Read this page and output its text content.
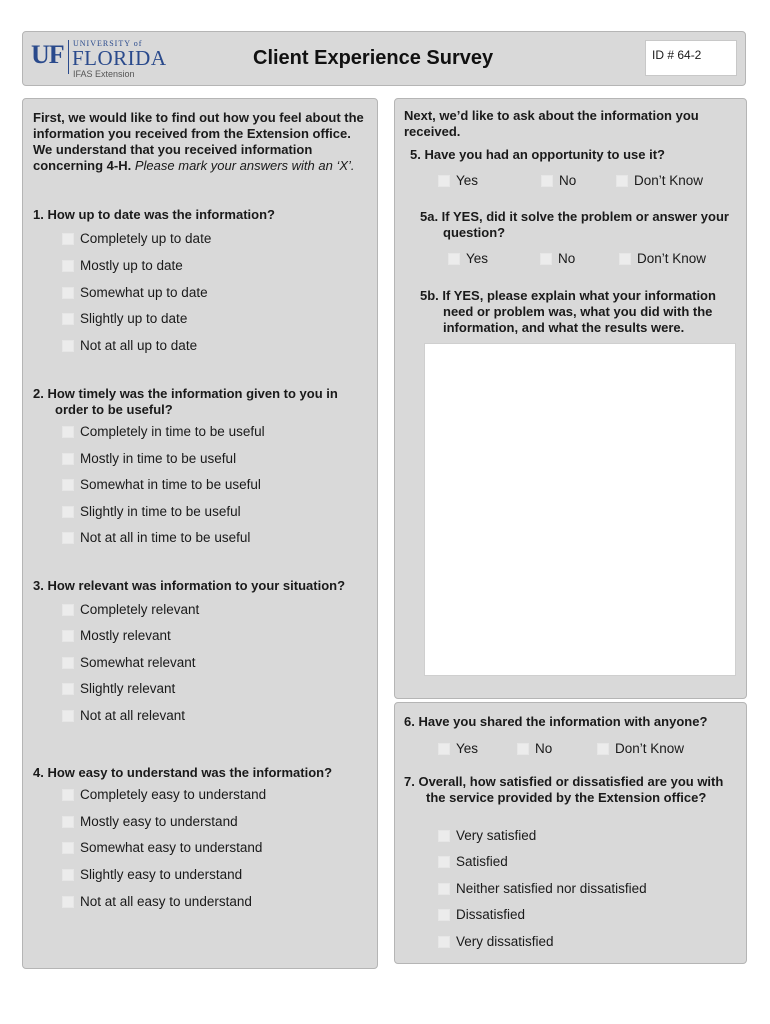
UF UNIVERSITY of
FLORIDA
IFAS Extension
Client Experience Survey	ID # 64-2
First, we would like to find out how you feel about the information you received from the Extension office. We understand that you received information concerning 4-H. Please mark your answers with an ‘X’.
1. How up to date was the information?
Completely up to date
Mostly up to date
Somewhat up to date
Slightly up to date
Not at all up to date
2. How timely was the information given to you in order to be useful?
Completely in time to be useful
Mostly in time to be useful
Somewhat in time to be useful
Slightly in time to be useful
Not at all in time to be useful
3. How relevant was information to your situation?
Completely relevant
Mostly relevant
Somewhat relevant
Slightly relevant
Not at all relevant
4. How easy to understand was the information?
Completely easy to understand
Mostly easy to understand
Somewhat easy to understand
Slightly easy to understand
Not at all easy to understand
Next, we’d like to ask about the information you received.
5. Have you had an opportunity to use it?
Yes	No	Don’t Know
5a. If YES, did it solve the problem or answer your question?
Yes	No	Don’t Know
5b. If YES, please explain what your information need or problem was, what you did with the information, and what the results were.
6. Have you shared the information with anyone?
Yes	No	Don’t Know
7. Overall, how satisfied or dissatisfied are you with the service provided by the Extension office?
Very satisfied
Satisfied
Neither satisfied nor dissatisfied
Dissatisfied
Very dissatisfied
